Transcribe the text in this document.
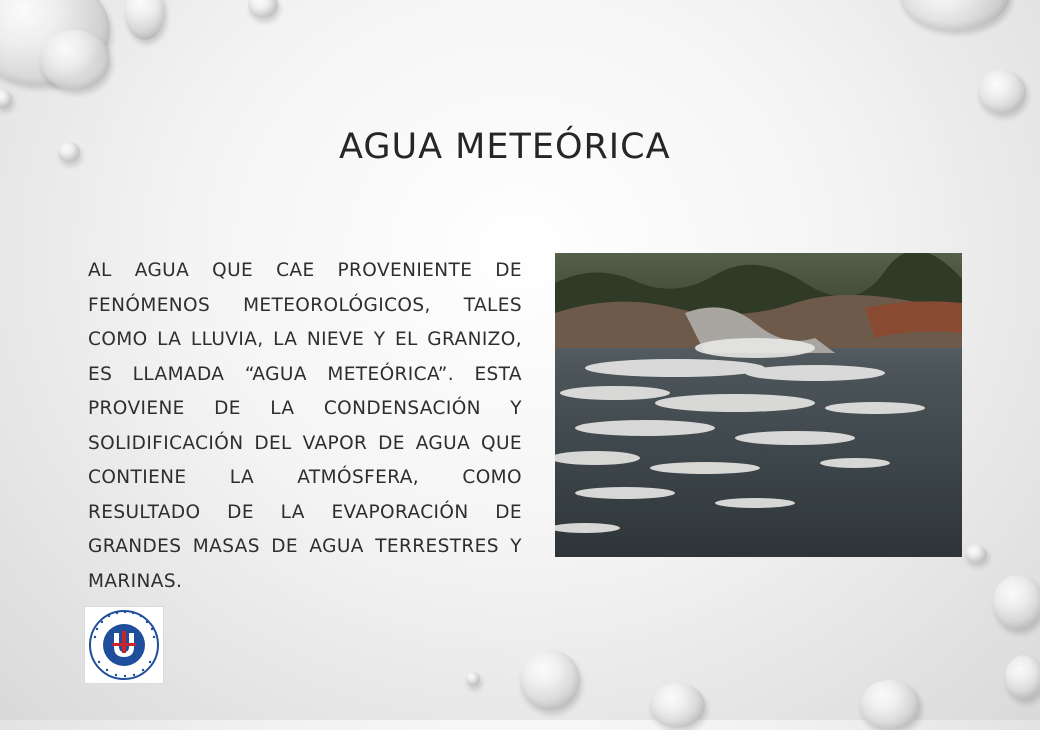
AGUA METEÓRICA

AL AGUA QUE CAE PROVENIENTE DE FENÓMENOS METEOROLÓGICOS, TALES COMO LA LLUVIA, LA NIEVE Y EL GRANIZO, ES LLAMADA “AGUA METEÓRICA”. ESTA PROVIENE DE LA CONDENSACIÓN Y SOLIDIFICACIÓN DEL VAPOR DE AGUA QUE CONTIENE LA ATMÓSFERA, COMO RESULTADO DE LA EVAPORACIÓN DE GRANDES MASAS DE AGUA TERRESTRES Y MARINAS.
